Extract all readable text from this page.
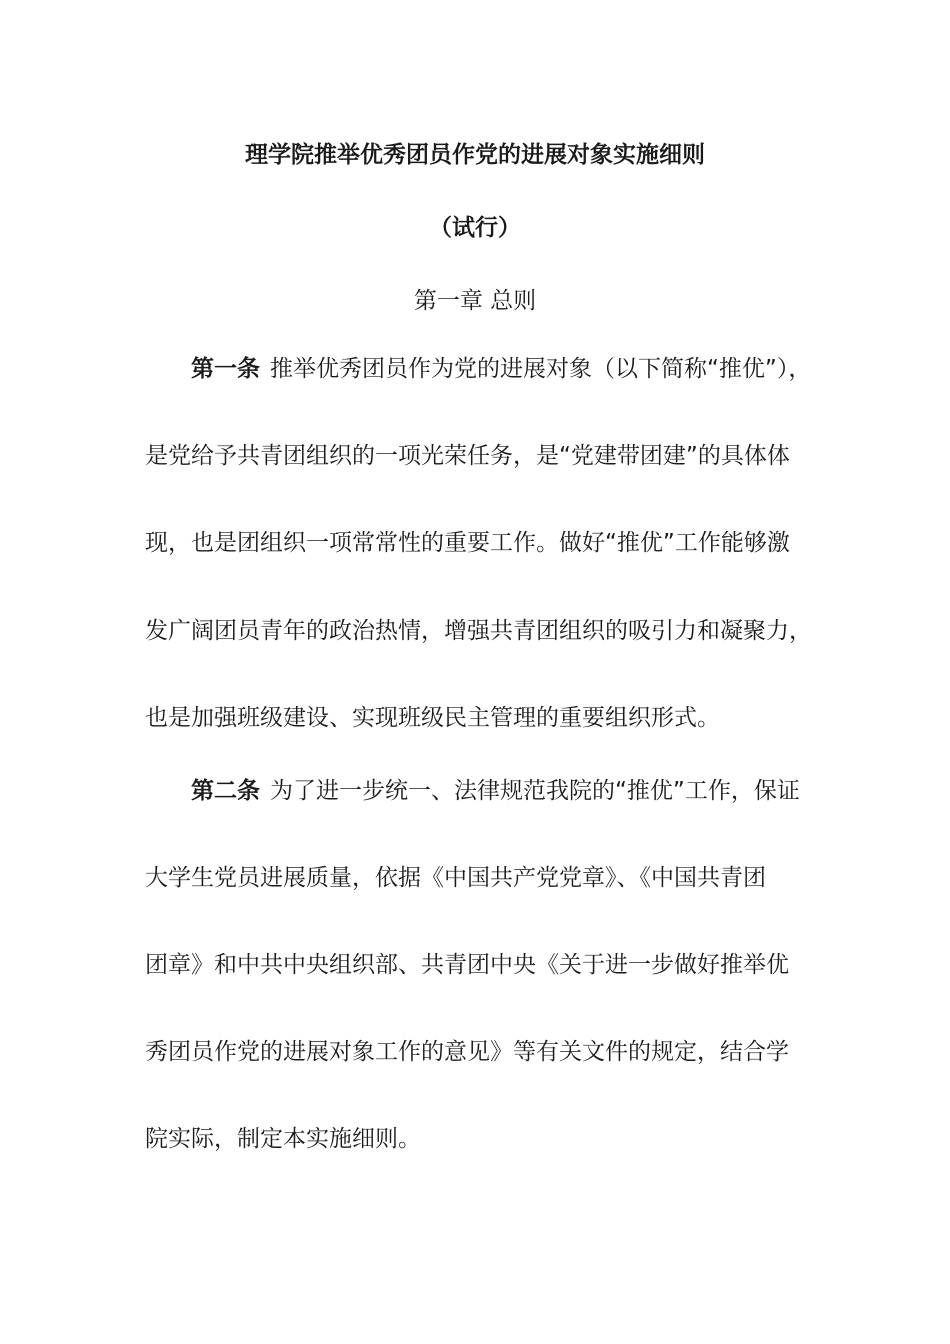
理学院推举优秀团员作党的进展对象实施细则
（试行）
第一章 总则
第一条 推举优秀团员作为党的进展对象（以下简称“推优”），
是党给予共青团组织的一项光荣任务，是“党建带团建”的具体体
现，也是团组织一项常常性的重要工作。做好“推优”工作能够激
发广阔团员青年的政治热情，增强共青团组织的吸引力和凝聚力，
也是加强班级建设、实现班级民主管理的重要组织形式。
第二条 为了进一步统一、法律规范我院的“推优”工作，保证
大学生党员进展质量，依据《中国共产党党章》、《中国共青团
团章》和中共中央组织部、共青团中央《关于进一步做好推举优
秀团员作党的进展对象工作的意见》等有关文件的规定，结合学
院实际，制定本实施细则。
